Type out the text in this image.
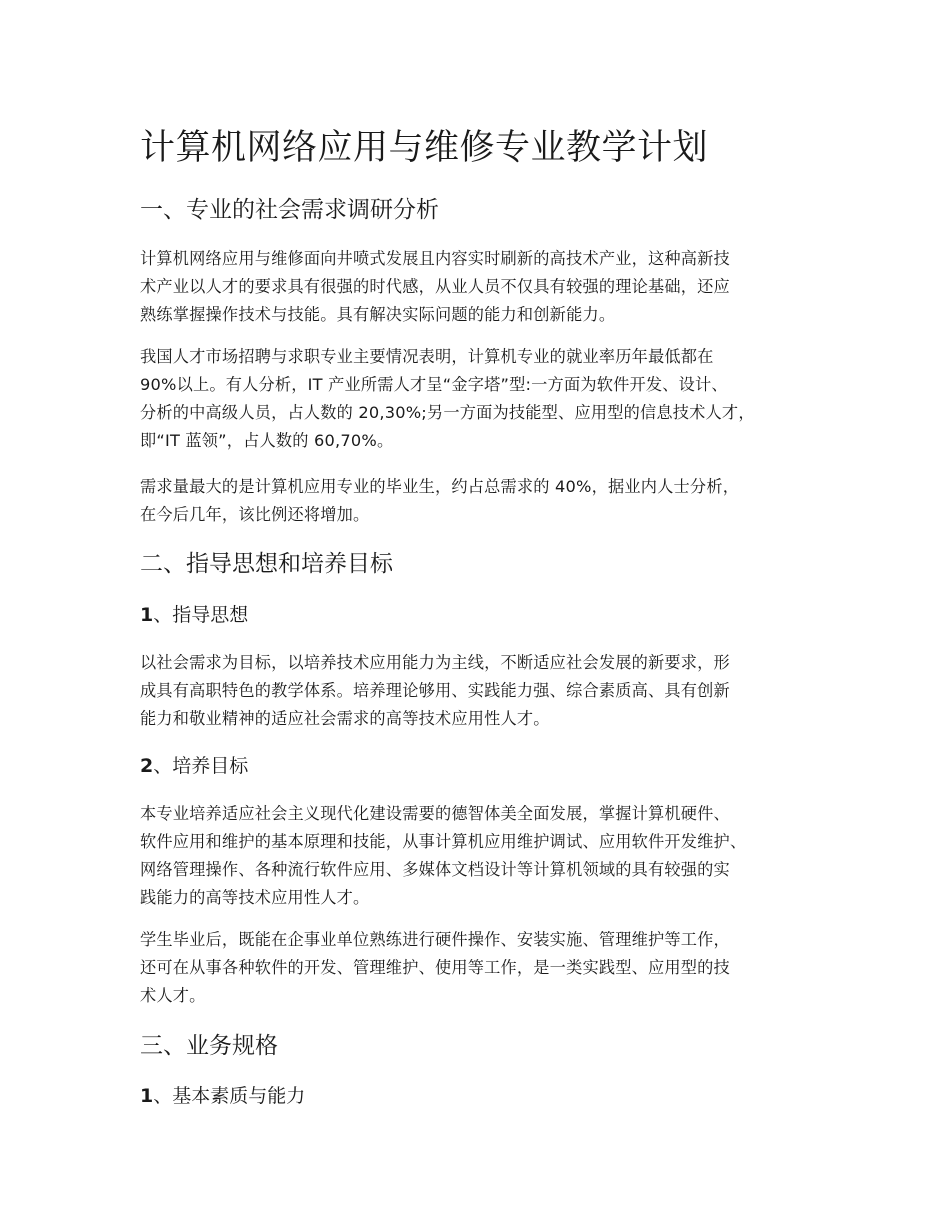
计算机网络应用与维修专业教学计划
一、专业的社会需求调研分析
计算机网络应用与维修面向井喷式发展且内容实时刷新的高技术产业，这种高新技
术产业以人才的要求具有很强的时代感，从业人员不仅具有较强的理论基础，还应
熟练掌握操作技术与技能。具有解决实际问题的能力和创新能力。
我国人才市场招聘与求职专业主要情况表明，计算机专业的就业率历年最低都在
90%以上。有人分析，IT 产业所需人才呈“金字塔”型:一方面为软件开发、设计、
分析的中高级人员，占人数的 20,30%;另一方面为技能型、应用型的信息技术人才，
即“IT 蓝领”，占人数的 60,70%。
需求量最大的是计算机应用专业的毕业生，约占总需求的 40%，据业内人士分析，
在今后几年，该比例还将增加。
二、指导思想和培养目标
1、指导思想
以社会需求为目标，以培养技术应用能力为主线，不断适应社会发展的新要求，形
成具有高职特色的教学体系。培养理论够用、实践能力强、综合素质高、具有创新
能力和敬业精神的适应社会需求的高等技术应用性人才。
2、培养目标
本专业培养适应社会主义现代化建设需要的德智体美全面发展，掌握计算机硬件、
软件应用和维护的基本原理和技能，从事计算机应用维护调试、应用软件开发维护、
网络管理操作、各种流行软件应用、多媒体文档设计等计算机领域的具有较强的实
践能力的高等技术应用性人才。
学生毕业后，既能在企事业单位熟练进行硬件操作、安装实施、管理维护等工作，
还可在从事各种软件的开发、管理维护、使用等工作，是一类实践型、应用型的技
术人才。
三、业务规格
1、基本素质与能力
